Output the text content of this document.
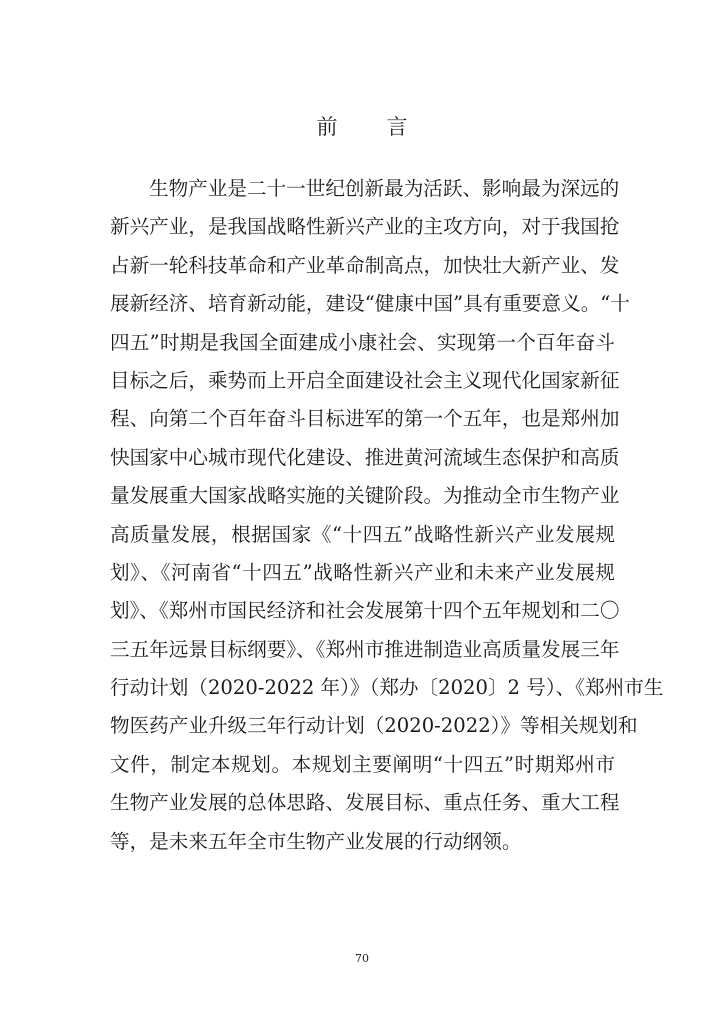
前　言
生物产业是二十一世纪创新最为活跃、影响最为深远的
新兴产业，是我国战略性新兴产业的主攻方向，对于我国抢
占新一轮科技革命和产业革命制高点，加快壮大新产业、发
展新经济、培育新动能，建设“健康中国”具有重要意义。“十
四五”时期是我国全面建成小康社会、实现第一个百年奋斗
目标之后，乘势而上开启全面建设社会主义现代化国家新征
程、向第二个百年奋斗目标进军的第一个五年，也是郑州加
快国家中心城市现代化建设、推进黄河流域生态保护和高质
量发展重大国家战略实施的关键阶段。为推动全市生物产业
高质量发展，根据国家《“十四五”战略性新兴产业发展规
划》、《河南省“十四五”战略性新兴产业和未来产业发展规
划》、《郑州市国民经济和社会发展第十四个五年规划和二〇
三五年远景目标纲要》、《郑州市推进制造业高质量发展三年
行动计划（2020-2022 年）》（郑办〔2020〕2 号）、《郑州市生
物医药产业升级三年行动计划（2020-2022）》等相关规划和
文件，制定本规划。本规划主要阐明“十四五”时期郑州市
生物产业发展的总体思路、发展目标、重点任务、重大工程
等，是未来五年全市生物产业发展的行动纲领。
70
